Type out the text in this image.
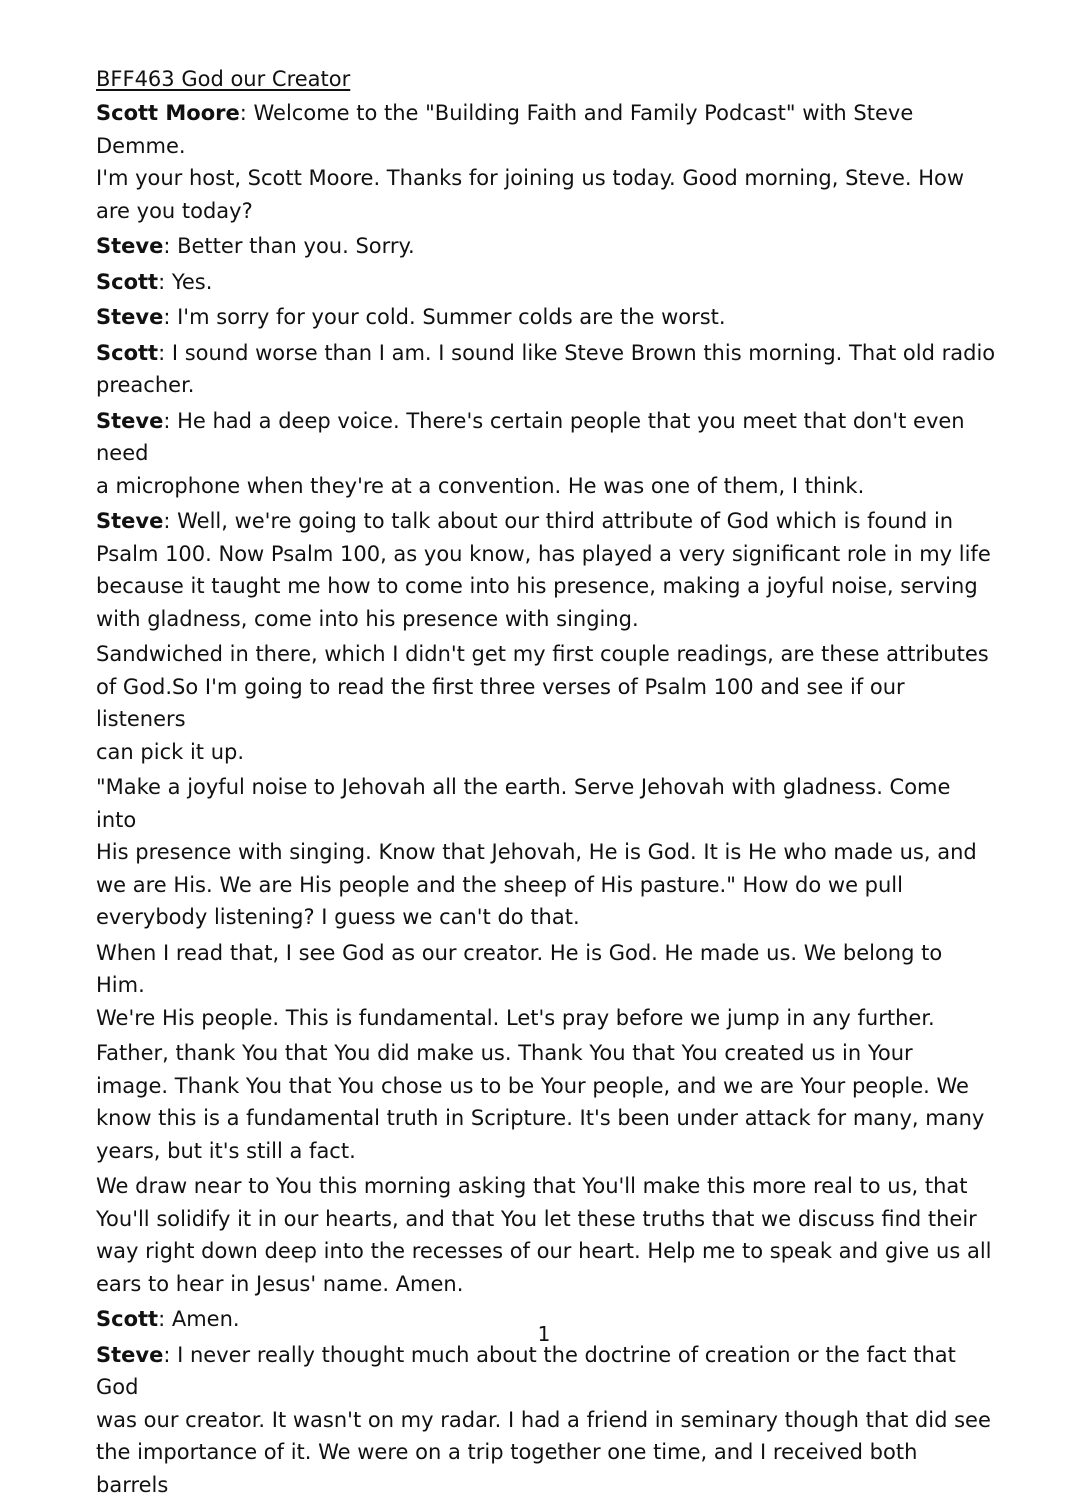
BFF463 God our Creator

Scott Moore: Welcome to the "Building Faith and Family Podcast" with Steve Demme.
I'm your host, Scott Moore. Thanks for joining us today. Good morning, Steve. How
are you today?

Steve: Better than you. Sorry.

Scott: Yes.

Steve: I'm sorry for your cold. Summer colds are the worst.

Scott: I sound worse than I am. I sound like Steve Brown this morning. That old radio
preacher.

Steve: He had a deep voice. There's certain people that you meet that don't even need
a microphone when they're at a convention. He was one of them, I think.

Steve: Well, we're going to talk about our third attribute of God which is found in
Psalm 100. Now Psalm 100, as you know, has played a very significant role in my life
because it taught me how to come into his presence, making a joyful noise, serving
with gladness, come into his presence with singing.

Sandwiched in there, which I didn't get my first couple readings, are these attributes
of God.So I'm going to read the first three verses of Psalm 100 and see if our listeners
can pick it up.

"Make a joyful noise to Jehovah all the earth. Serve Jehovah with gladness. Come into
His presence with singing. Know that Jehovah, He is God. It is He who made us, and
we are His. We are His people and the sheep of His pasture." How do we pull
everybody listening? I guess we can't do that.

When I read that, I see God as our creator. He is God. He made us. We belong to Him.
We're His people. This is fundamental. Let's pray before we jump in any further.

Father, thank You that You did make us. Thank You that You created us in Your
image. Thank You that You chose us to be Your people, and we are Your people. We
know this is a fundamental truth in Scripture. It's been under attack for many, many
years, but it's still a fact.

We draw near to You this morning asking that You'll make this more real to us, that
You'll solidify it in our hearts, and that You let these truths that we discuss find their
way right down deep into the recesses of our heart. Help me to speak and give us all
ears to hear in Jesus' name. Amen.

Scott: Amen.

Steve: I never really thought much about the doctrine of creation or the fact that God
was our creator. It wasn't on my radar. I had a friend in seminary though that did see
the importance of it. We were on a trip together one time, and I received both barrels

1
